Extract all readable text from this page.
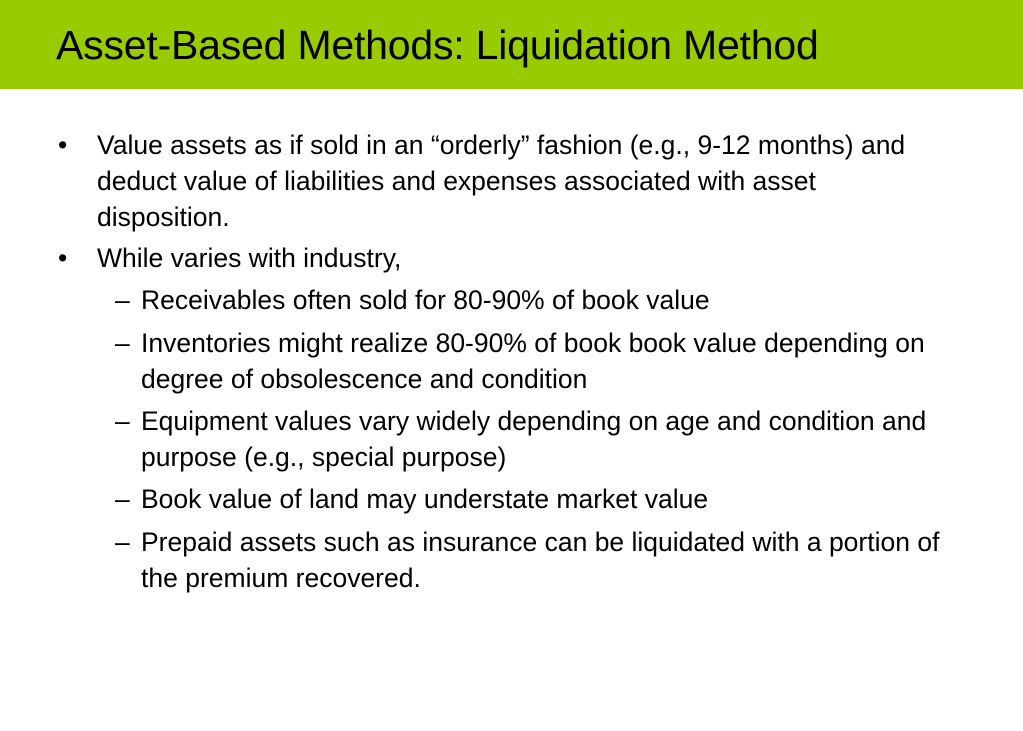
Asset-Based Methods: Liquidation Method
• Value assets as if sold in an “orderly” fashion (e.g., 9-12 months) and deduct value of liabilities and expenses associated with asset disposition.
• While varies with industry,
– Receivables often sold for 80-90% of book value
– Inventories might realize 80-90% of book book value depending on degree of obsolescence and condition
– Equipment values vary widely depending on age and condition and purpose (e.g., special purpose)
– Book value of land may understate market value
– Prepaid assets such as insurance can be liquidated with a portion of the premium recovered.
